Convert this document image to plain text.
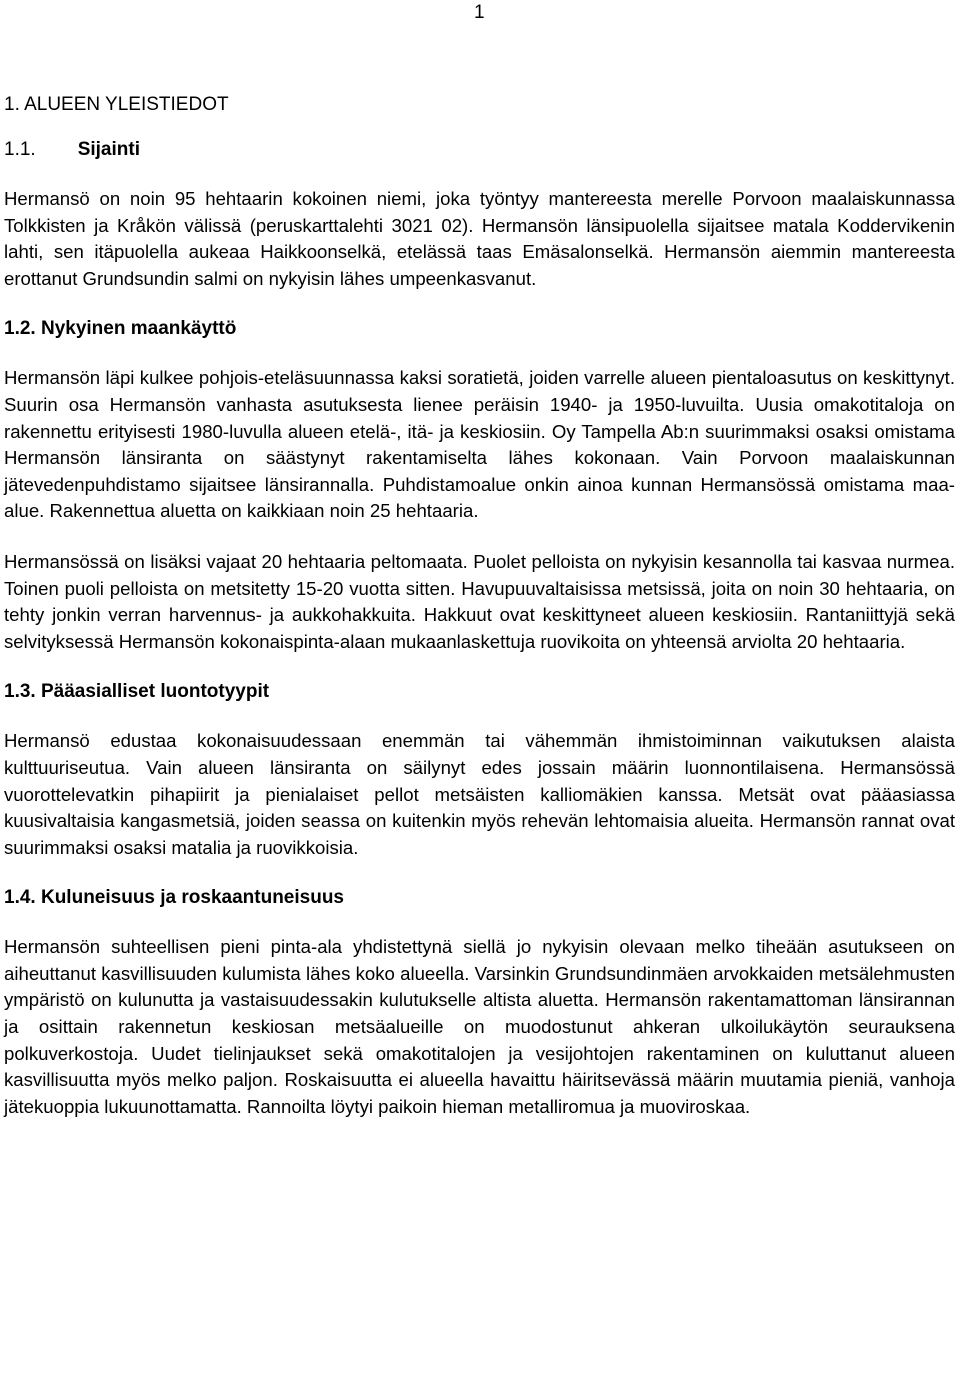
1
1. ALUEEN YLEISTIEDOT
1.1. Sijainti

Hermansö on noin 95 hehtaarin kokoinen niemi, joka työntyy mantereesta merelle Porvoon maalaiskunnassa Tolkkisten ja Kråkön välissä (peruskarttalehti 3021 02). Hermansön länsipuolella sijaitsee matala Koddervikenin lahti, sen itäpuolella aukeaa Haikkoonselkä, etelässä taas Emäsalonselkä. Hermansön aiemmin mantereesta erottanut Grundsundin salmi on nykyisin lähes umpeenkasvanut.

1.2. Nykyinen maankäyttö

Hermansön läpi kulkee pohjois-eteläsuunnassa kaksi soratietä, joiden varrelle alueen pientaloasutus on keskittynyt. Suurin osa Hermansön vanhasta asutuksesta lienee peräisin 1940- ja 1950-luvuilta. Uusia omakotitaloja on rakennettu erityisesti 1980-luvulla alueen etelä-, itä- ja keskiosiin. Oy Tampella Ab:n suurimmaksi osaksi omistama Hermansön länsiranta on säästynyt rakentamiselta lähes kokonaan. Vain Porvoon maalaiskunnan jätevedenpuhdistamo sijaitsee länsirannalla. Puhdistamoalue onkin ainoa kunnan Hermansössä omistama maa-alue. Rakennettua aluetta on kaikkiaan noin 25 hehtaaria.

Hermansössä on lisäksi vajaat 20 hehtaaria peltomaata. Puolet pelloista on nykyisin kesannolla tai kasvaa nurmea. Toinen puoli pelloista on metsitetty 15-20 vuotta sitten. Havupuuvaltaisissa metsissä, joita on noin 30 hehtaaria, on tehty jonkin verran harvennus- ja aukkohakkuita. Hakkuut ovat keskittyneet alueen keskiosiin. Rantaniittyjä sekä selvityksessä Hermansön kokonaispinta-alaan mukaanlaskettuja ruovikoita on yhteensä arviolta 20 hehtaaria.

1.3. Pääasialliset luontotyypit

Hermansö edustaa kokonaisuudessaan enemmän tai vähemmän ihmistoiminnan vaikutuksen alaista kulttuuriseutua. Vain alueen länsiranta on säilynyt edes jossain määrin luonnontilaisena. Hermansössä vuorottelevatkin pihapiirit ja pienialaiset pellot metsäisten kalliomäkien kanssa. Metsät ovat pääasiassa kuusivaltaisia kangasmetsiä, joiden seassa on kuitenkin myös rehevän lehtomaisia alueita. Hermansön rannat ovat suurimmaksi osaksi matalia ja ruovikkoisia.

1.4. Kuluneisuus ja roskaantuneisuus

Hermansön suhteellisen pieni pinta-ala yhdistettynä siellä jo nykyisin olevaan melko tiheään asutukseen on aiheuttanut kasvillisuuden kulumista lähes koko alueella. Varsinkin Grundsundinmäen arvokkaiden metsälehmusten ympäristö on kulunutta ja vastaisuudessakin kulutukselle altista aluetta. Hermansön rakentamattoman länsirannan ja osittain rakennetun keskiosan metsäalueille on muodostunut ahkeran ulkoilukäytön seurauksena polkuverkostoja. Uudet tielinjaukset sekä omakotitalojen ja vesijohtojen rakentaminen on kuluttanut alueen kasvillisuutta myös melko paljon. Roskaisuutta ei alueella havaittu häiritsevässä määrin muutamia pieniä, vanhoja jätekuoppia lukuunottamatta. Rannoilta löytyi paikoin hieman metalliromua ja muoviroskaa.
